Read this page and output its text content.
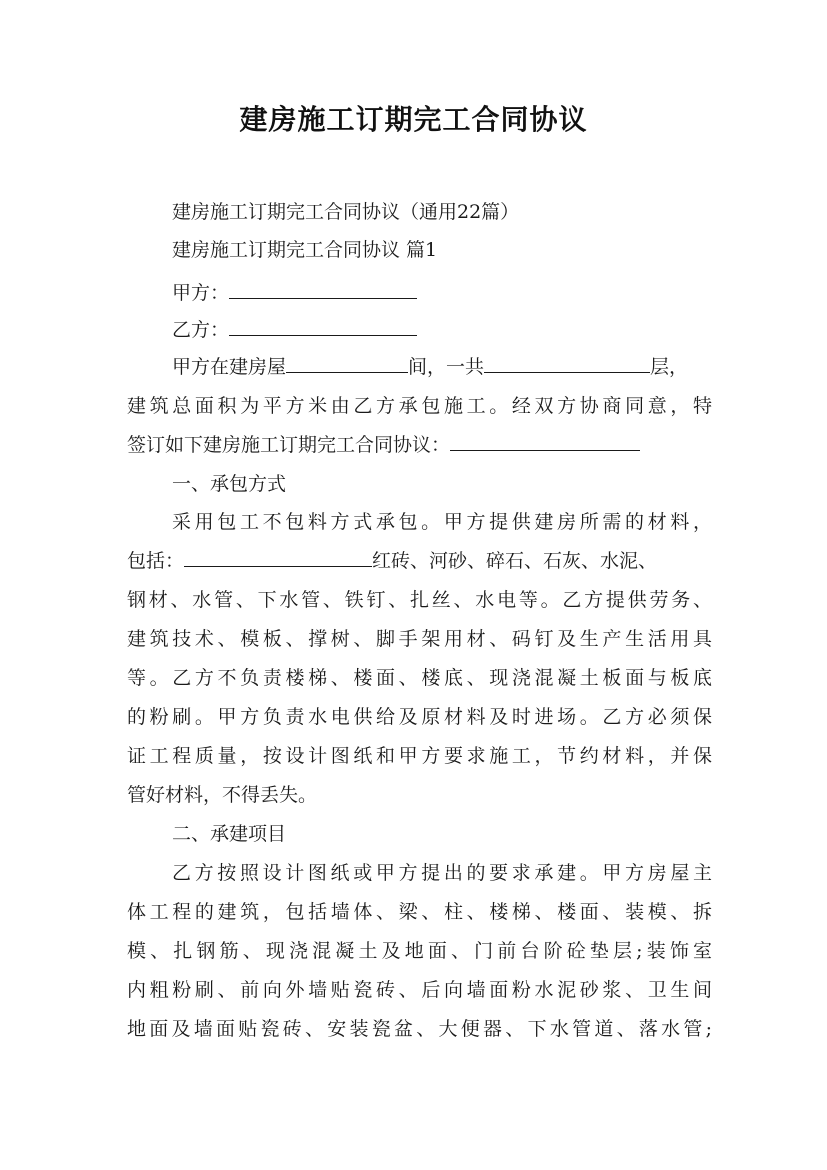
建房施工订期完工合同协议
建房施工订期完工合同协议（通用22篇）
建房施工订期完工合同协议 篇1
甲方：
乙方：
甲方在建房屋	间，一共	层，
建筑总面积为平方米由乙方承包施工。经双方协商同意，特
签订如下建房施工订期完工合同协议：
一、承包方式
采用包工不包料方式承包。甲方提供建房所需的材料，
包括：	红砖、河砂、碎石、石灰、水泥、
钢材、水管、下水管、铁钉、扎丝、水电等。乙方提供劳务、
建筑技术、模板、撑树、脚手架用材、码钉及生产生活用具
等。乙方不负责楼梯、楼面、楼底、现浇混凝土板面与板底
的粉刷。甲方负责水电供给及原材料及时进场。乙方必须保
证工程质量，按设计图纸和甲方要求施工，节约材料，并保
管好材料，不得丢失。
二、承建项目
乙方按照设计图纸或甲方提出的要求承建。甲方房屋主
体工程的建筑，包括墙体、梁、柱、楼梯、楼面、装模、拆
模、扎钢筋、现浇混凝土及地面、门前台阶砼垫层;装饰室
内粗粉刷、前向外墙贴瓷砖、后向墙面粉水泥砂浆、卫生间
地面及墙面贴瓷砖、安装瓷盆、大便器、下水管道、落水管;
